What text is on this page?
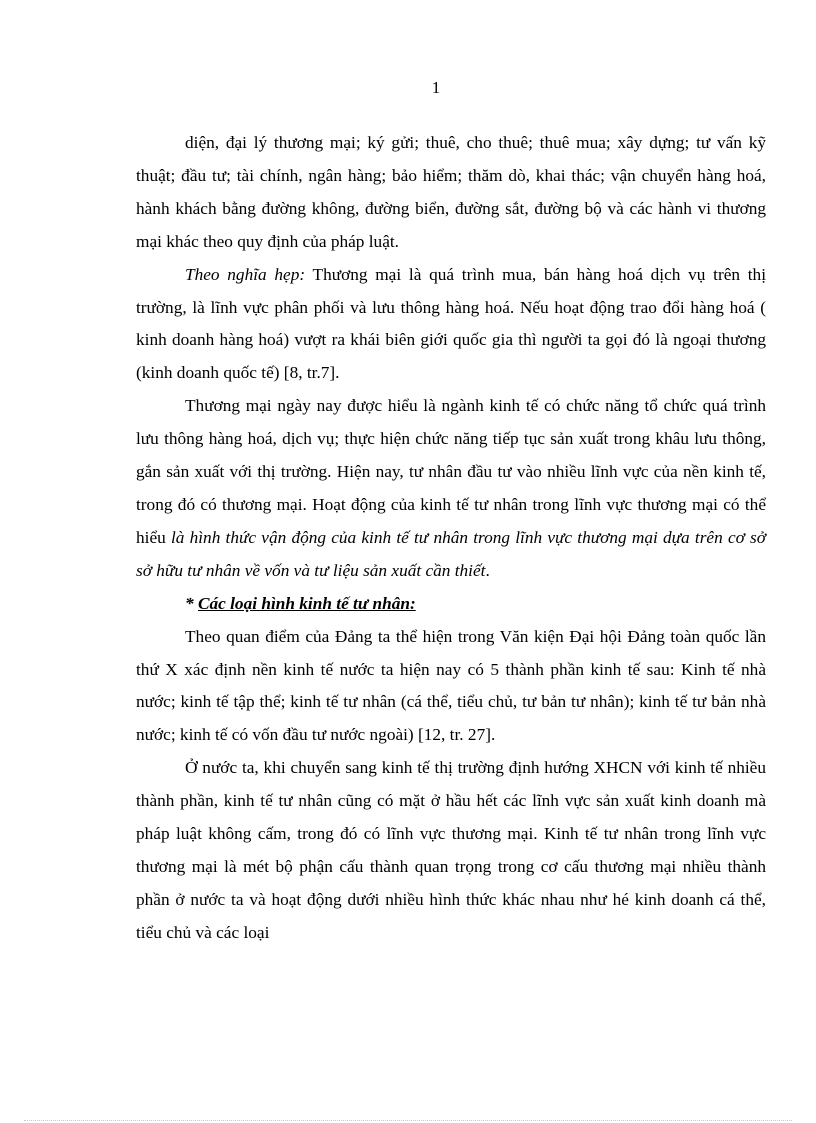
1

diện, đại lý thương mại; ký gửi; thuê, cho thuê; thuê mua; xây dựng; tư vấn kỹ thuật; đầu tư; tài chính, ngân hàng; bảo hiểm; thăm dò, khai thác; vận chuyển hàng hoá, hành khách bằng đường không, đường biển, đường sắt, đường bộ và các hành vi thương mại khác theo quy định của pháp luật.

Theo nghĩa hẹp: Thương mại là quá trình mua, bán hàng hoá dịch vụ trên thị trường, là lĩnh vực phân phối và lưu thông hàng hoá. Nếu hoạt động trao đổi hàng hoá ( kinh doanh hàng hoá) vượt ra khái biên giới quốc gia thì người ta gọi đó là ngoại thương (kinh doanh quốc tế) [8, tr.7].

Thương mại ngày nay được hiểu là ngành kinh tế có chức năng tổ chức quá trình lưu thông hàng hoá, dịch vụ; thực hiện chức năng tiếp tục sản xuất trong khâu lưu thông, gắn sản xuất với thị trường. Hiện nay, tư nhân đầu tư vào nhiều lĩnh vực của nền kinh tế, trong đó có thương mại. Hoạt động của kinh tế tư nhân trong lĩnh vực thương mại có thể hiểu là hình thức vận động của kinh tế tư nhân trong lĩnh vực thương mại dựa trên cơ sở sở hữu tư nhân về vốn và tư liệu sản xuất cần thiết.

* Các loại hình kinh tế tư nhân:

Theo quan điểm của Đảng ta thể hiện trong Văn kiện Đại hội Đảng toàn quốc lần thứ X xác định nền kinh tế nước ta hiện nay có 5 thành phần kinh tế sau: Kinh tế nhà nước; kinh tế tập thể; kinh tế tư nhân (cá thể, tiểu chủ, tư bản tư nhân); kinh tế tư bản nhà nước; kinh tế có vốn đầu tư nước ngoài) [12, tr. 27].

Ở nước ta, khi chuyển sang kinh tế thị trường định hướng XHCN với kinh tế nhiều thành phần, kinh tế tư nhân cũng có mặt ở hầu hết các lĩnh vực sản xuất kinh doanh mà pháp luật không cấm, trong đó có lĩnh vực thương mại. Kinh tế tư nhân trong lĩnh vực thương mại là mét bộ phận cấu thành quan trọng trong cơ cấu thương mại nhiều thành phần ở nước ta và hoạt động dưới nhiều hình thức khác nhau như hé kinh doanh cá thể, tiểu chủ và các loại
